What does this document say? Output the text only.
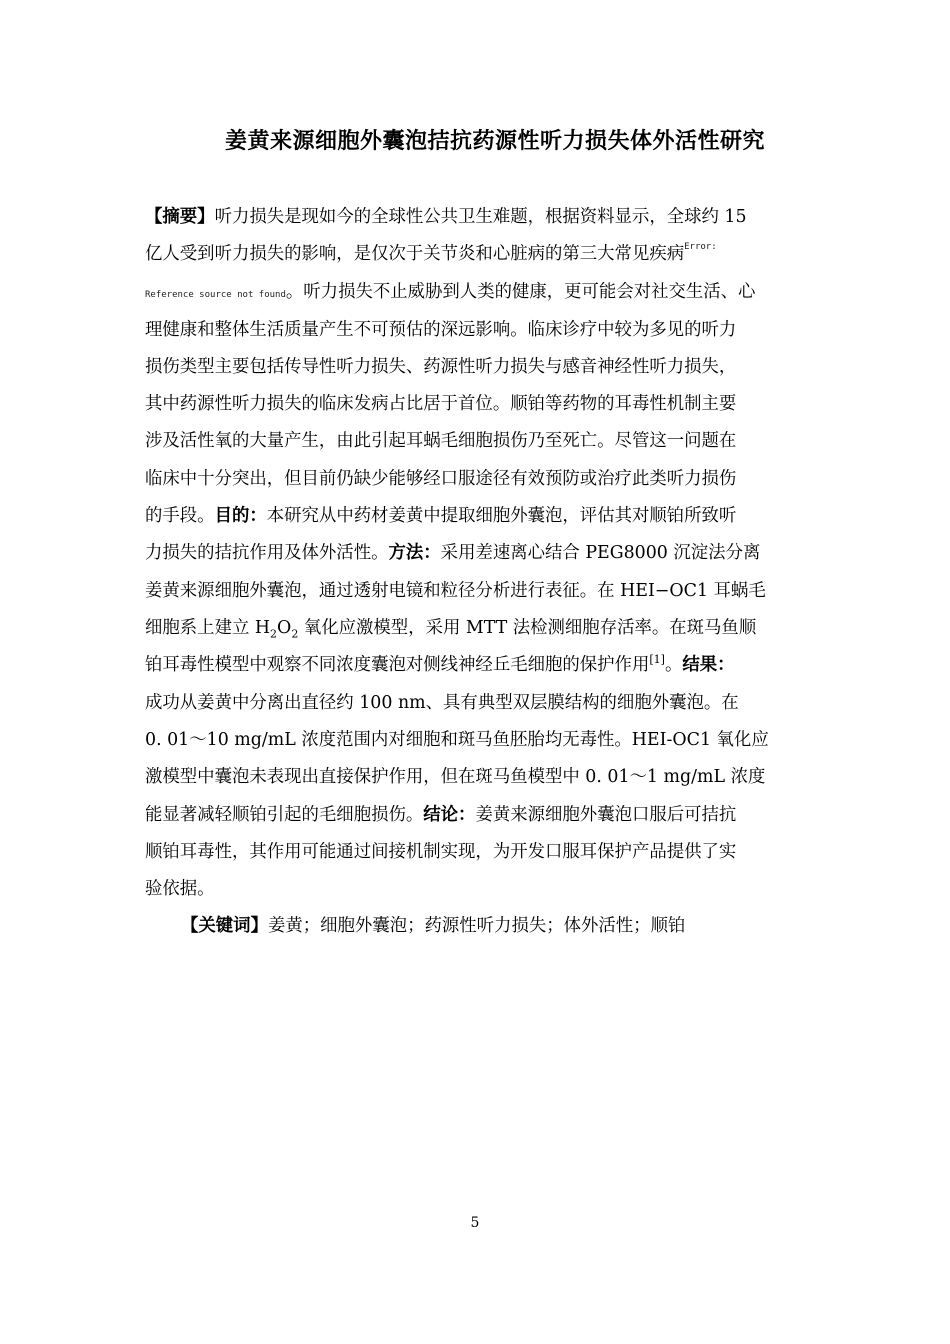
姜黄来源细胞外囊泡拮抗药源性听力损失体外活性研究
【摘要】听力损失是现如今的全球性公共卫生难题，根据资料显示，全球约 15
亿人受到听力损失的影响，是仅次于关节炎和心脏病的第三大常见疾病$^{Error:}$
Reference source not found。听力损失不止威胁到人类的健康，更可能会对社交生活、心
理健康和整体生活质量产生不可预估的深远影响。临床诊疗中较为多见的听力
损伤类型主要包括传导性听力损失、药源性听力损失与感音神经性听力损失，
其中药源性听力损失的临床发病占比居于首位。顺铂等药物的耳毒性机制主要
涉及活性氧的大量产生，由此引起耳蜗毛细胞损伤乃至死亡。尽管这一问题在
临床中十分突出，但目前仍缺少能够经口服途径有效预防或治疗此类听力损伤
的手段。目的：本研究从中药材姜黄中提取细胞外囊泡，评估其对顺铂所致听
力损失的拮抗作用及体外活性。方法：采用差速离心结合 PEG8000 沉淀法分离
姜黄来源细胞外囊泡，通过透射电镜和粒径分析进行表征。在 HEI−OC1 耳蜗毛
细胞系上建立 $H_2O_2$ 氧化应激模型，采用 MTT 法检测细胞存活率。在斑马鱼顺
铂耳毒性模型中观察不同浓度囊泡对侧线神经丘毛细胞的保护作用[1]。结果：
成功从姜黄中分离出直径约 100 nm、具有典型双层膜结构的细胞外囊泡。在
0. 01～10 mg/mL 浓度范围内对细胞和斑马鱼胚胎均无毒性。HEI-OC1 氧化应
激模型中囊泡未表现出直接保护作用，但在斑马鱼模型中 0. 01～1 mg/mL 浓度
能显著减轻顺铂引起的毛细胞损伤。结论：姜黄来源细胞外囊泡口服后可拮抗
顺铂耳毒性，其作用可能通过间接机制实现，为开发口服耳保护产品提供了实
验依据。
【关键词】姜黄；细胞外囊泡；药源性听力损失；体外活性；顺铂
5
